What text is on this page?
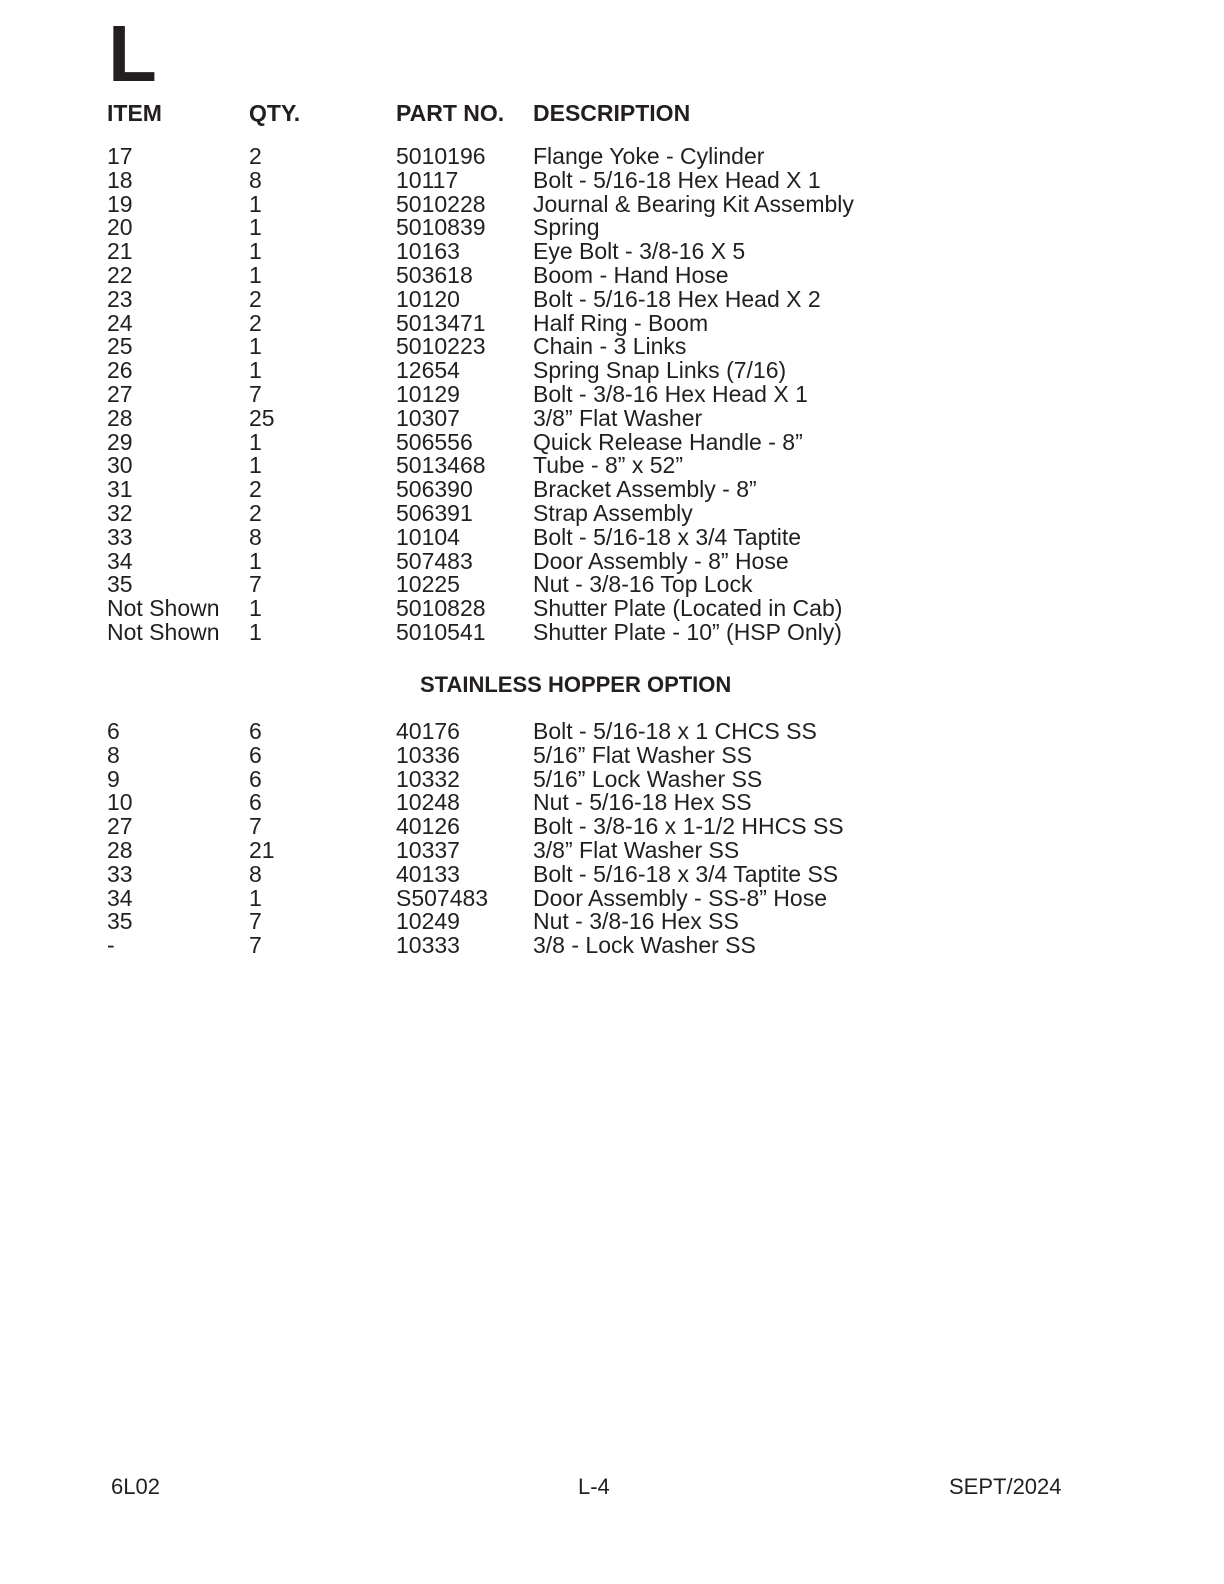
L
ITEM	QTY.	PART NO. DESCRIPTION
17	2	5010196 Flange Yoke - Cylinder
18	8	10117	Bolt - 5/16-18 Hex Head X 1
19	1	5010228 Journal & Bearing Kit Assembly
20	1	5010839 Spring
21	1	10163	Eye Bolt - 3/8-16 X 5
22	1	503618	Boom - Hand Hose
23	2	10120	Bolt - 5/16-18 Hex Head X 2
24	2	5013471 Half Ring - Boom
25	1	5010223 Chain - 3 Links
26	1	12654	Spring Snap Links (7/16)
27	7	10129	Bolt - 3/8-16 Hex Head X 1
28	25	10307	3/8” Flat Washer
29	1	506556	Quick Release Handle - 8”
30	1	5013468 Tube - 8” x 52”
31	2	506390	Bracket Assembly - 8”
32	2	506391	Strap Assembly
33	8	10104	Bolt - 5/16-18 x 3/4 Taptite
34	1	507483	Door Assembly - 8” Hose
35	7	10225	Nut - 3/8-16 Top Lock
Not Shown 1	5010828 Shutter Plate (Located in Cab)
Not Shown 1	5010541 Shutter Plate - 10” (HSP Only)
STAINLESS HOPPER OPTION
6	6	40176	Bolt - 5/16-18 x 1 CHCS SS
8	6	10336	5/16” Flat Washer SS
9	6	10332	5/16” Lock Washer SS
10	6	10248	Nut - 5/16-18 Hex SS
27	7	40126	Bolt - 3/8-16 x 1-1/2 HHCS SS
28	21	10337	3/8” Flat Washer SS
33	8	40133	Bolt - 5/16-18 x 3/4 Taptite SS
34	1	S507483 Door Assembly - SS-8” Hose
35	7	10249	Nut - 3/8-16 Hex SS
-	7	10333	3/8 - Lock Washer SS
6L02	L-4	SEPT/2024
